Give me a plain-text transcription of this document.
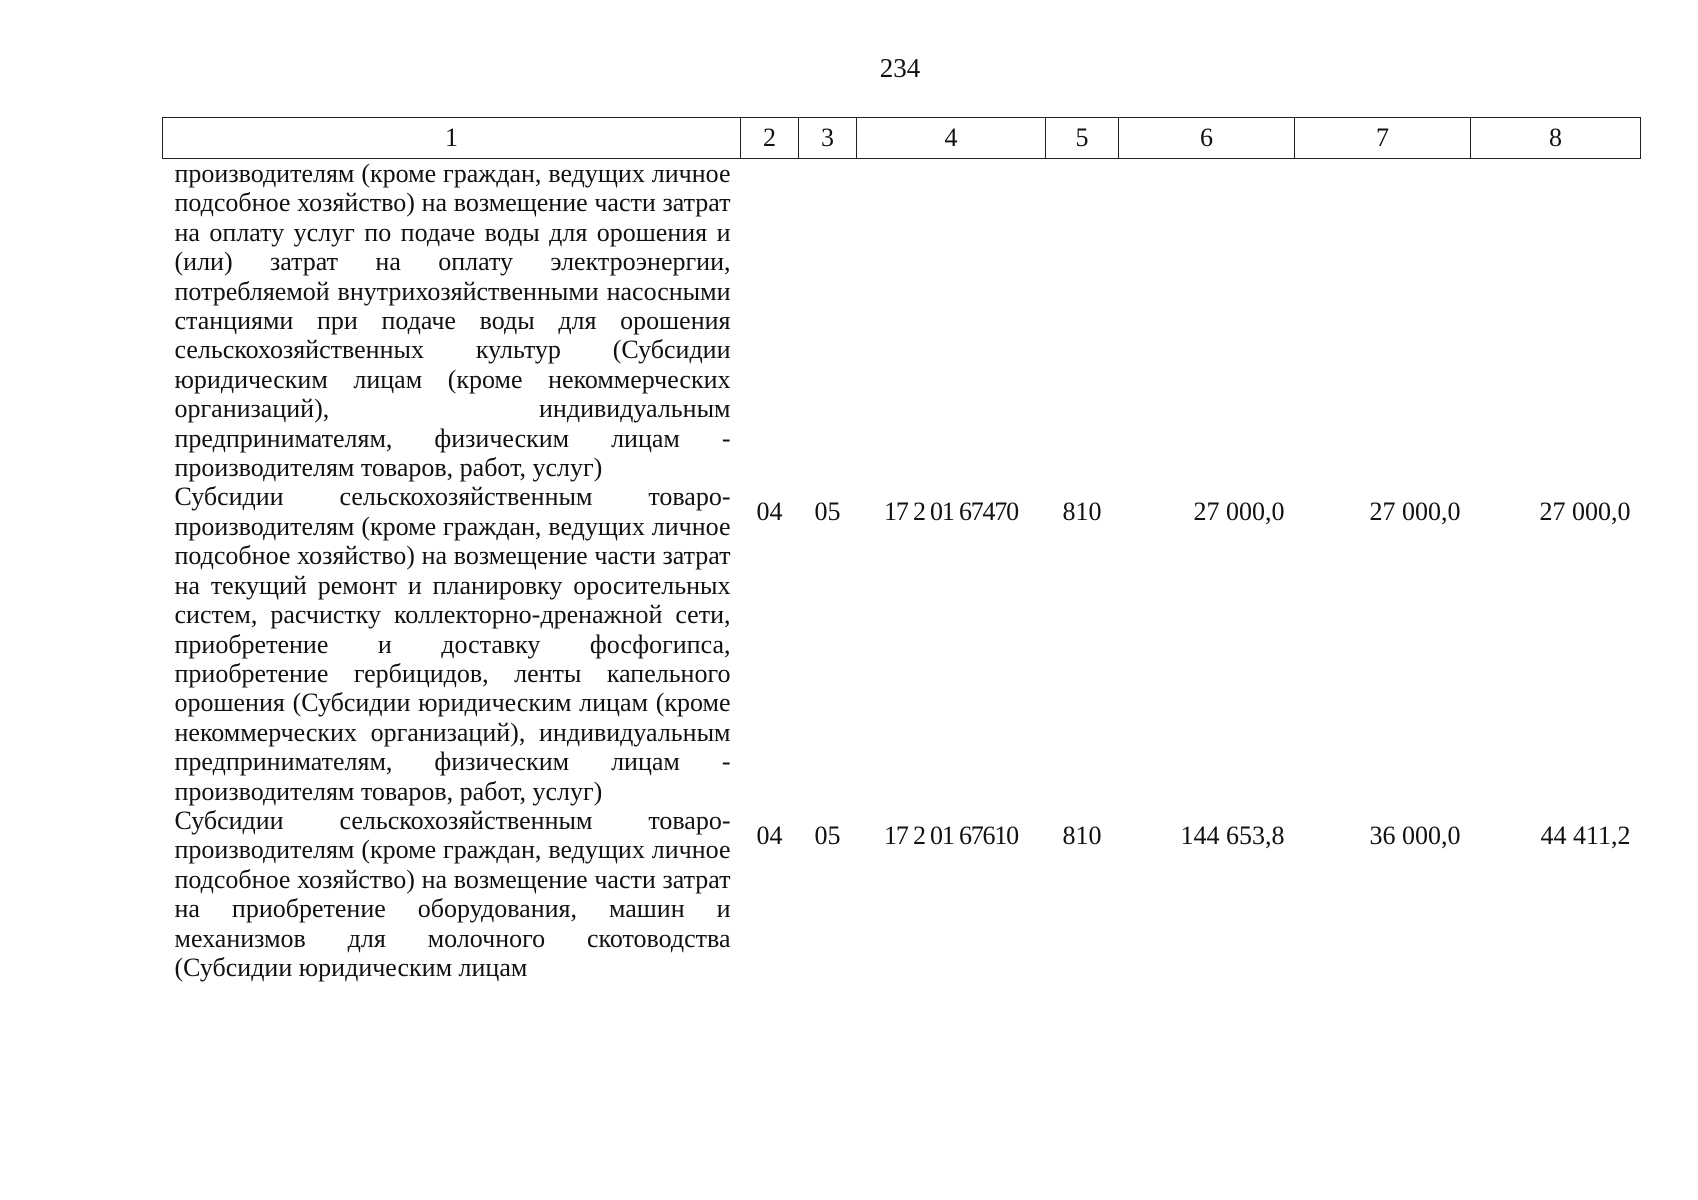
234
1	2	3	4	5	6	7	8
производителям (кроме граждан, ведущих личное подсобное хозяйство) на возмещение части затрат на оплату услуг по подаче воды для орошения и (или) затрат на оплату электроэнергии, потребляемой внутрихозяйственными насосными станциями при подаче воды для орошения сельскохозяйственных культур (Субсидии юридическим лицам (кроме некоммерческих организаций), индивидуальным предпринимателям, физическим лицам - производителям товаров, работ, услуг)							
Субсидии сельскохозяйственным товаропроизводителям (кроме граждан, ведущих личное подсобное хозяйство) на возмещение части затрат на текущий ремонт и планировку оросительных систем, расчистку коллекторно-дренажной сети, приобретение и доставку фосфогипса, приобретение гербицидов, ленты капельного орошения (Субсидии юридическим лицам (кроме некоммерческих организаций), индивидуальным предпринимателям, физическим лицам - производителям товаров, работ, услуг)	04	05	17 2 01 67470	810	27 000,0	27 000,0	27 000,0
Субсидии сельскохозяйственным товаропроизводителям (кроме граждан, ведущих личное подсобное хозяйство) на возмещение части затрат на приобретение оборудования, машин и механизмов для молочного скотоводства (Субсидии юридическим лицам	04	05	17 2 01 67610	810	144 653,8	36 000,0	44 411,2
